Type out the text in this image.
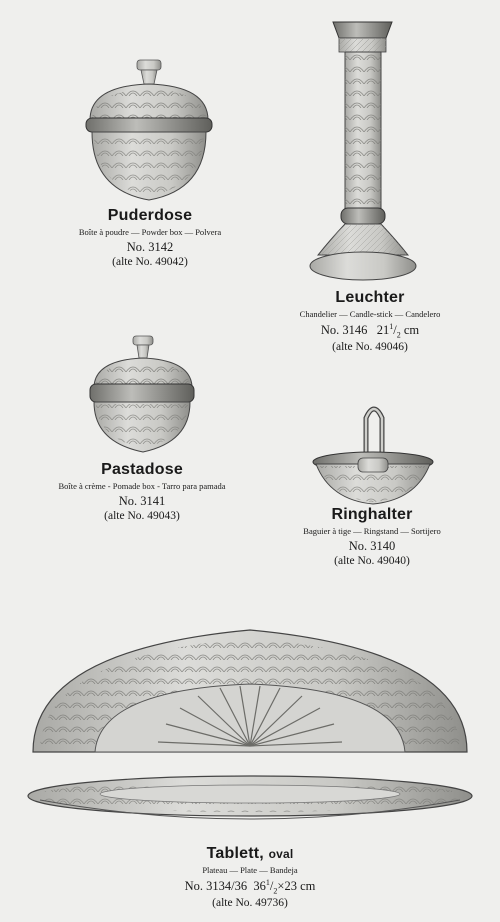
Puderdose
Boîte à poudre — Powder box — Polvera
No. 3142
(alte No. 49042)
Leuchter
Chandelier — Candle-stick — Candelero
No. 3146 $21^1/_2$ cm
(alte No. 49046)
Pastadose
Boîte à crème - Pomade box - Tarro para pamada
No. 3141
(alte No. 49043)	Ringhalter
Baguier à tige — Ringstand — Sortijero
No. 3140
(alte No. 49040)
Tablett, oval
Plateau — Plate — Bandeja
No. 3134/36 $36^1/_2\times 23$ cm
(alte No. 49736)
